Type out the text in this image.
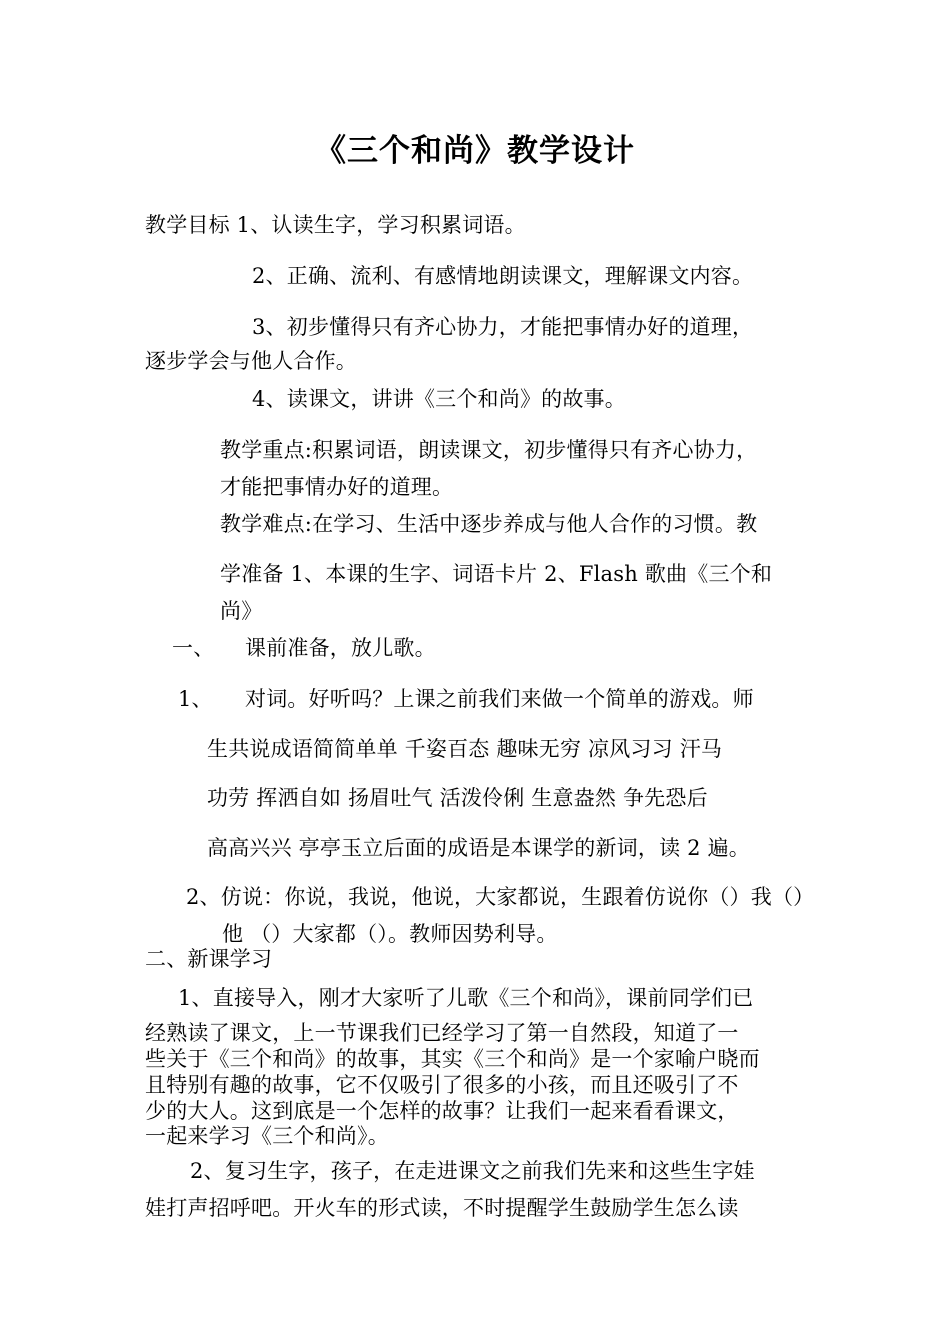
《三个和尚》教学设计
教学目标 1、认读生字，学习积累词语。
2、正确、流利、有感情地朗读课文，理解课文内容。
3、初步懂得只有齐心协力，才能把事情办好的道理，
逐步学会与他人合作。
4、读课文，讲讲《三个和尚》的故事。
教学重点:积累词语，朗读课文，初步懂得只有齐心协力，
才能把事情办好的道理。
教学难点:在学习、生活中逐步养成与他人合作的习惯。教
学准备 1、本课的生字、词语卡片 2、Flash 歌曲《三个和
尚》
一、 课前准备，放儿歌。
1、 对词。好听吗？上课之前我们来做一个简单的游戏。师
生共说成语简简单单 千姿百态 趣味无穷 凉风习习 汗马
功劳 挥洒自如 扬眉吐气 活泼伶俐 生意盎然 争先恐后
高高兴兴 亭亭玉立后面的成语是本课学的新词，读 2 遍。
2、仿说：你说，我说，他说，大家都说，生跟着仿说你（）我（）
他 （）大家都（）。教师因势利导。
二、新课学习
1、直接导入，刚才大家听了儿歌《三个和尚》，课前同学们已
经熟读了课文，上一节课我们已经学习了第一自然段，知道了一
些关于《三个和尚》的故事，其实《三个和尚》是一个家喻户晓而
且特别有趣的故事，它不仅吸引了很多的小孩，而且还吸引了不
少的大人。这到底是一个怎样的故事？让我们一起来看看课文，
一起来学习《三个和尚》。
2、复习生字，孩子，在走进课文之前我们先来和这些生字娃
娃打声招呼吧。开火车的形式读，不时提醒学生鼓励学生怎么读
